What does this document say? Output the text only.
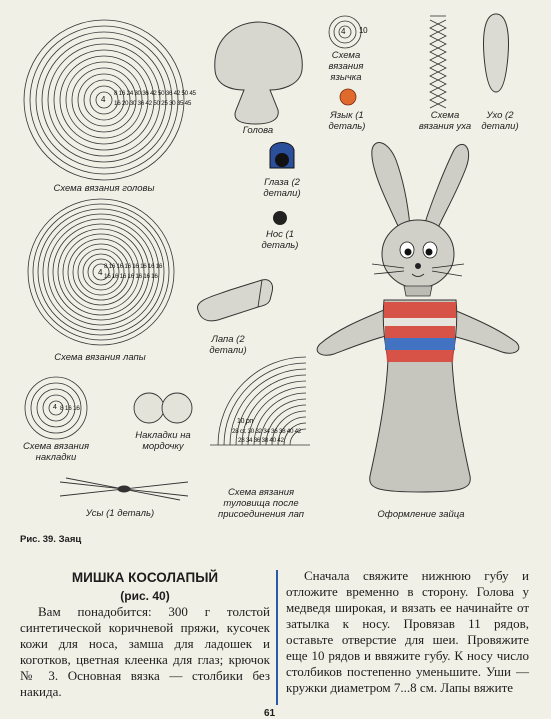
4 10
4
8 16 24 30 36 42 50 36 42 50 45
16 20 30 36 42 50 25 30 35 45
Схема вязания головы
Голова
Схема вязания язычка
Язык (1 деталь)
Схема вязания уха
Ухо (2 детали)
Глаза (2 детали)
Нос (1 деталь)
4
8 16 16 16 16 16 16 16
16 16 16 16 16 16 16
Схема вязания лапы
Лапа (2 детали)
4 8 16 16
Схема вязания накладки
Накладки на мордочку
Усы (1 деталь)
10 рп
28 ст. 30 32 34 36 38 40 42
28 34 36 38 40 42
Схема вязания туловища после присоединения лап	Оформление зайца
Рис. 39. Заяц
МИШКА КОСОЛАПЫЙ
(рис. 40)

Вам понадобится: 300 г толстой синтетической коричневой пряжи, кусочек кожи для носа, замша для ладошек и коготков, цветная клеенка для глаз; крючок № 3. Основная вязка — столбики без накида.

Сначала свяжите нижнюю губу и отложите временно в сторону. Голова у медведя широкая, и вязать ее начинайте от затылка к носу. Провязав 11 рядов, оставьте отверстие для шеи. Провяжите еще 10 рядов и ввяжите губу. К носу число столбиков постепенно уменьшите. Уши — кружки диаметром 7...8 см. Лапы вяжите

61
